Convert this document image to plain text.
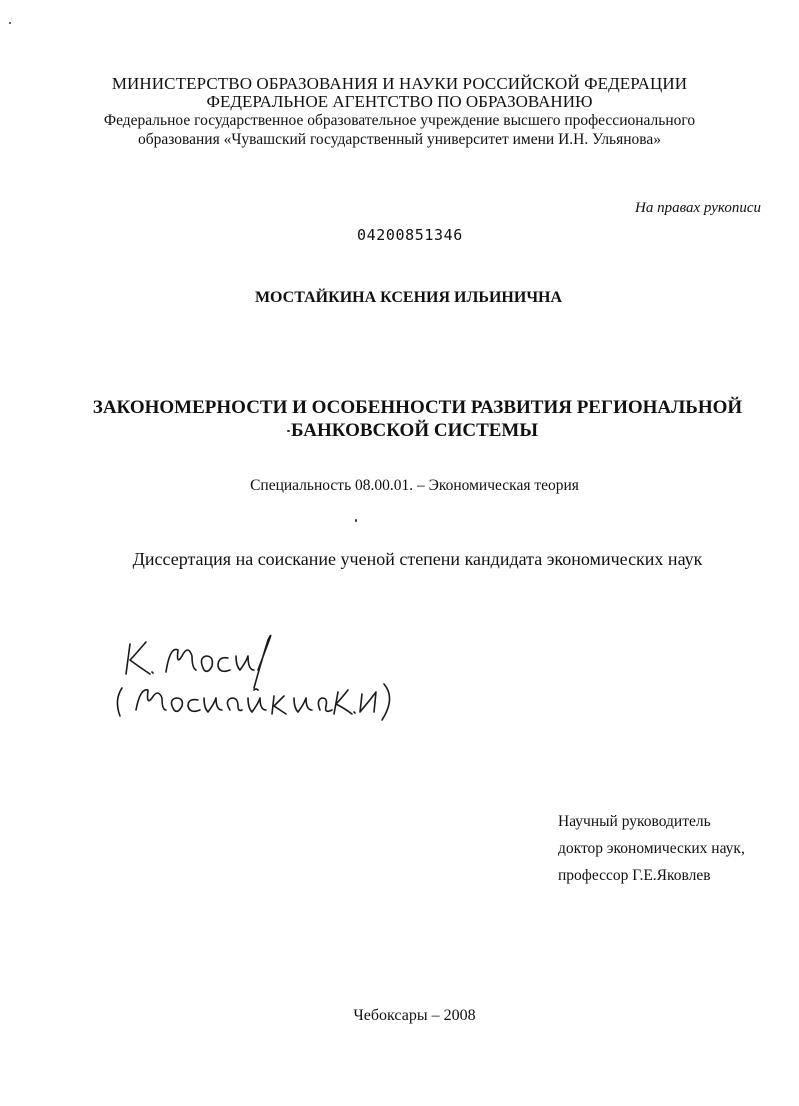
МИНИСТЕРСТВО ОБРАЗОВАНИЯ И НАУКИ РОССИЙСКОЙ ФЕДЕРАЦИИ
ФЕДЕРАЛЬНОЕ АГЕНТСТВО ПО ОБРАЗОВАНИЮ
Федеральное государственное образовательное учреждение высшего профессионального
образования «Чувашский государственный университет имени И.Н. Ульянова»
На правах рукописи
04200851346
МОСТАЙКИНА КСЕНИЯ ИЛЬИНИЧНА
ЗАКОНОМЕРНОСТИ И ОСОБЕННОСТИ РАЗВИТИЯ РЕГИОНАЛЬНОЙ
БАНКОВСКОЙ СИСТЕМЫ
Специальность 08.00.01. – Экономическая теория
Диссертация на соискание ученой степени кандидата экономических наук
Научный руководитель
доктор экономических наук,
профессор Г.Е.Яковлев
Чебоксары – 2008
